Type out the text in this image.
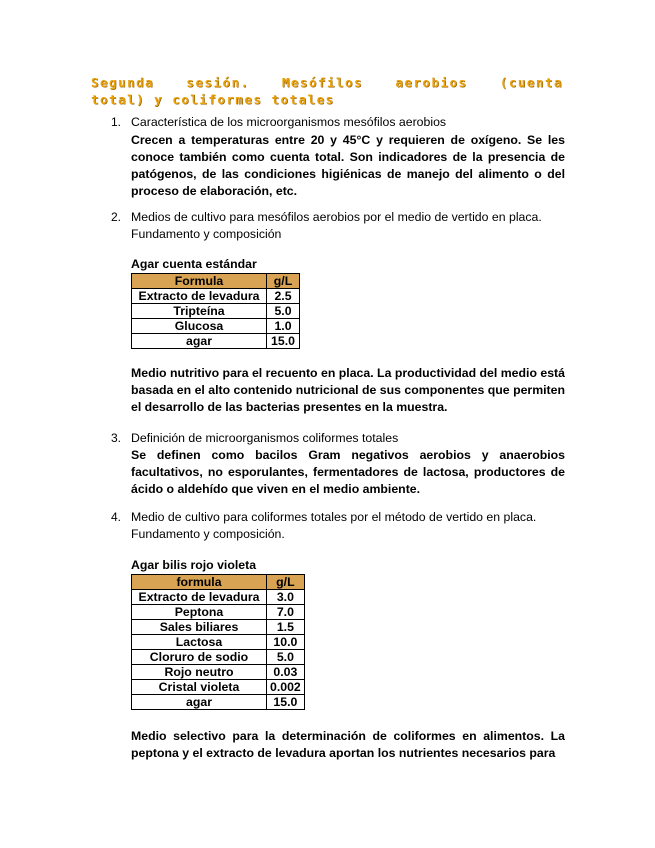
Segunda sesión. Mesófilos aerobios (cuenta
total) y coliformes totales
1. Característica de los microorganismos mesófilos aerobios
Crecen a temperaturas entre 20 y 45°C y requieren de oxígeno. Se les conoce también como cuenta total. Son indicadores de la presencia de patógenos, de las condiciones higiénicas de manejo del alimento o del proceso de elaboración, etc.
2. Medios de cultivo para mesófilos aerobios por el medio de vertido en placa. Fundamento y composición
Agar cuenta estándar
Formula	g/L
Extracto de levadura	2.5
Tripteína	5.0
Glucosa	1.0
agar	15.0
Medio nutritivo para el recuento en placa. La productividad del medio está basada en el alto contenido nutricional de sus componentes que permiten el desarrollo de las bacterias presentes en la muestra.
3. Definición de microorganismos coliformes totales
Se definen como bacilos Gram negativos aerobios y anaerobios facultativos, no esporulantes, fermentadores de lactosa, productores de ácido o aldehído que viven en el medio ambiente.
4. Medio de cultivo para coliformes totales por el método de vertido en placa. Fundamento y composición.
Agar bilis rojo violeta
formula	g/L
Extracto de levadura	3.0
Peptona	7.0
Sales biliares	1.5
Lactosa	10.0
Cloruro de sodio	5.0
Rojo neutro	0.03
Cristal violeta	0.002
agar	15.0
Medio selectivo para la determinación de coliformes en alimentos. La peptona y el extracto de levadura aportan los nutrientes necesarios para
